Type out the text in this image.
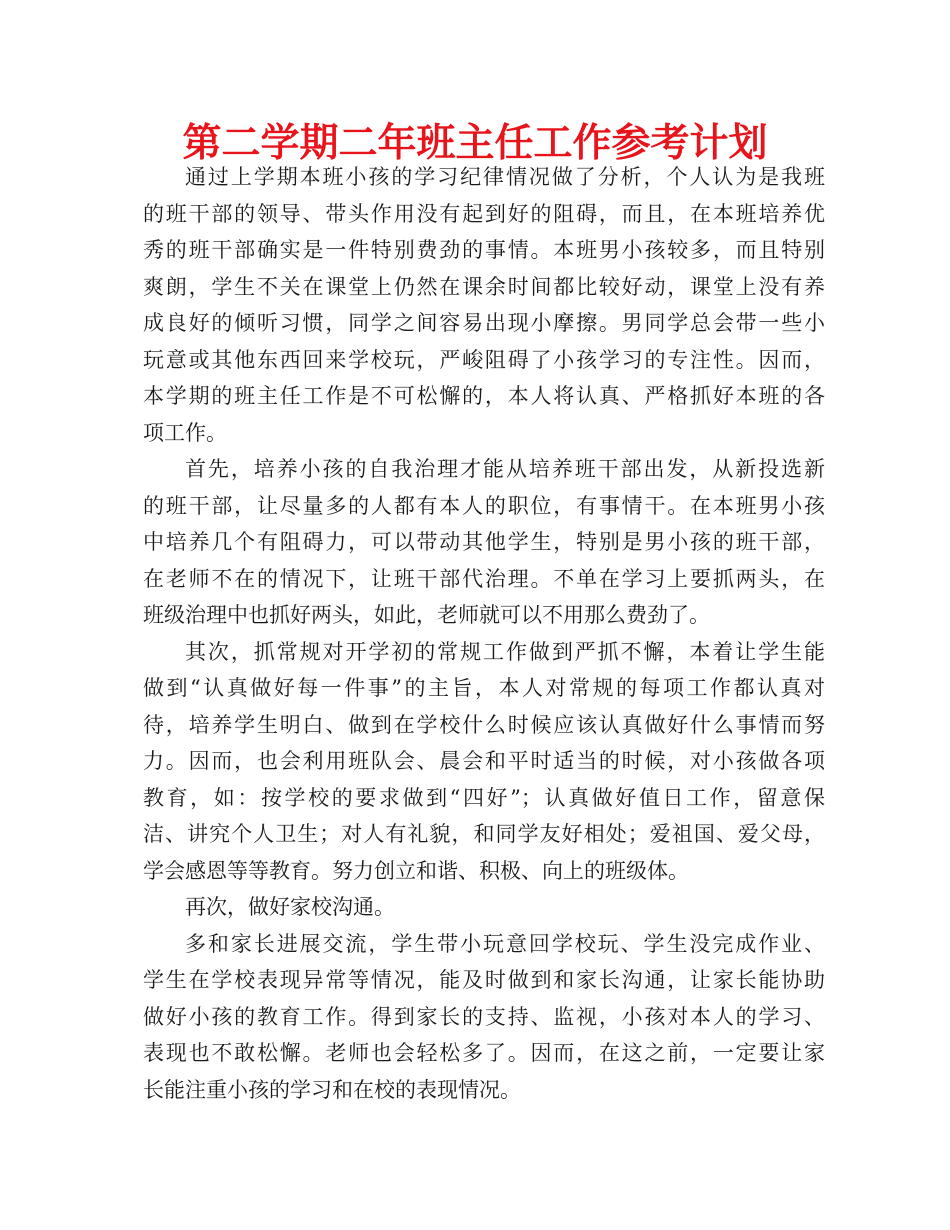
第二学期二年班主任工作参考计划
通过上学期本班小孩的学习纪律情况做了分析，个人认为是我班
的班干部的领导、带头作用没有起到好的阻碍，而且，在本班培养优
秀的班干部确实是一件特别费劲的事情。本班男小孩较多，而且特别
爽朗，学生不关在课堂上仍然在课余时间都比较好动，课堂上没有养
成良好的倾听习惯，同学之间容易出现小摩擦。男同学总会带一些小
玩意或其他东西回来学校玩，严峻阻碍了小孩学习的专注性。因而，
本学期的班主任工作是不可松懈的，本人将认真、严格抓好本班的各
项工作。
首先，培养小孩的自我治理才能从培养班干部出发，从新投选新
的班干部，让尽量多的人都有本人的职位，有事情干。在本班男小孩
中培养几个有阻碍力，可以带动其他学生，特别是男小孩的班干部，
在老师不在的情况下，让班干部代治理。不单在学习上要抓两头，在
班级治理中也抓好两头，如此，老师就可以不用那么费劲了。
其次，抓常规对开学初的常规工作做到严抓不懈，本着让学生能
做到“认真做好每一件事”的主旨，本人对常规的每项工作都认真对
待，培养学生明白、做到在学校什么时候应该认真做好什么事情而努
力。因而，也会利用班队会、晨会和平时适当的时候，对小孩做各项
教育，如：按学校的要求做到“四好”；认真做好值日工作，留意保
洁、讲究个人卫生；对人有礼貌，和同学友好相处；爱祖国、爱父母，
学会感恩等等教育。努力创立和谐、积极、向上的班级体。
再次，做好家校沟通。
多和家长进展交流，学生带小玩意回学校玩、学生没完成作业、
学生在学校表现异常等情况，能及时做到和家长沟通，让家长能协助
做好小孩的教育工作。得到家长的支持、监视，小孩对本人的学习、
表现也不敢松懈。老师也会轻松多了。因而，在这之前，一定要让家
长能注重小孩的学习和在校的表现情况。
